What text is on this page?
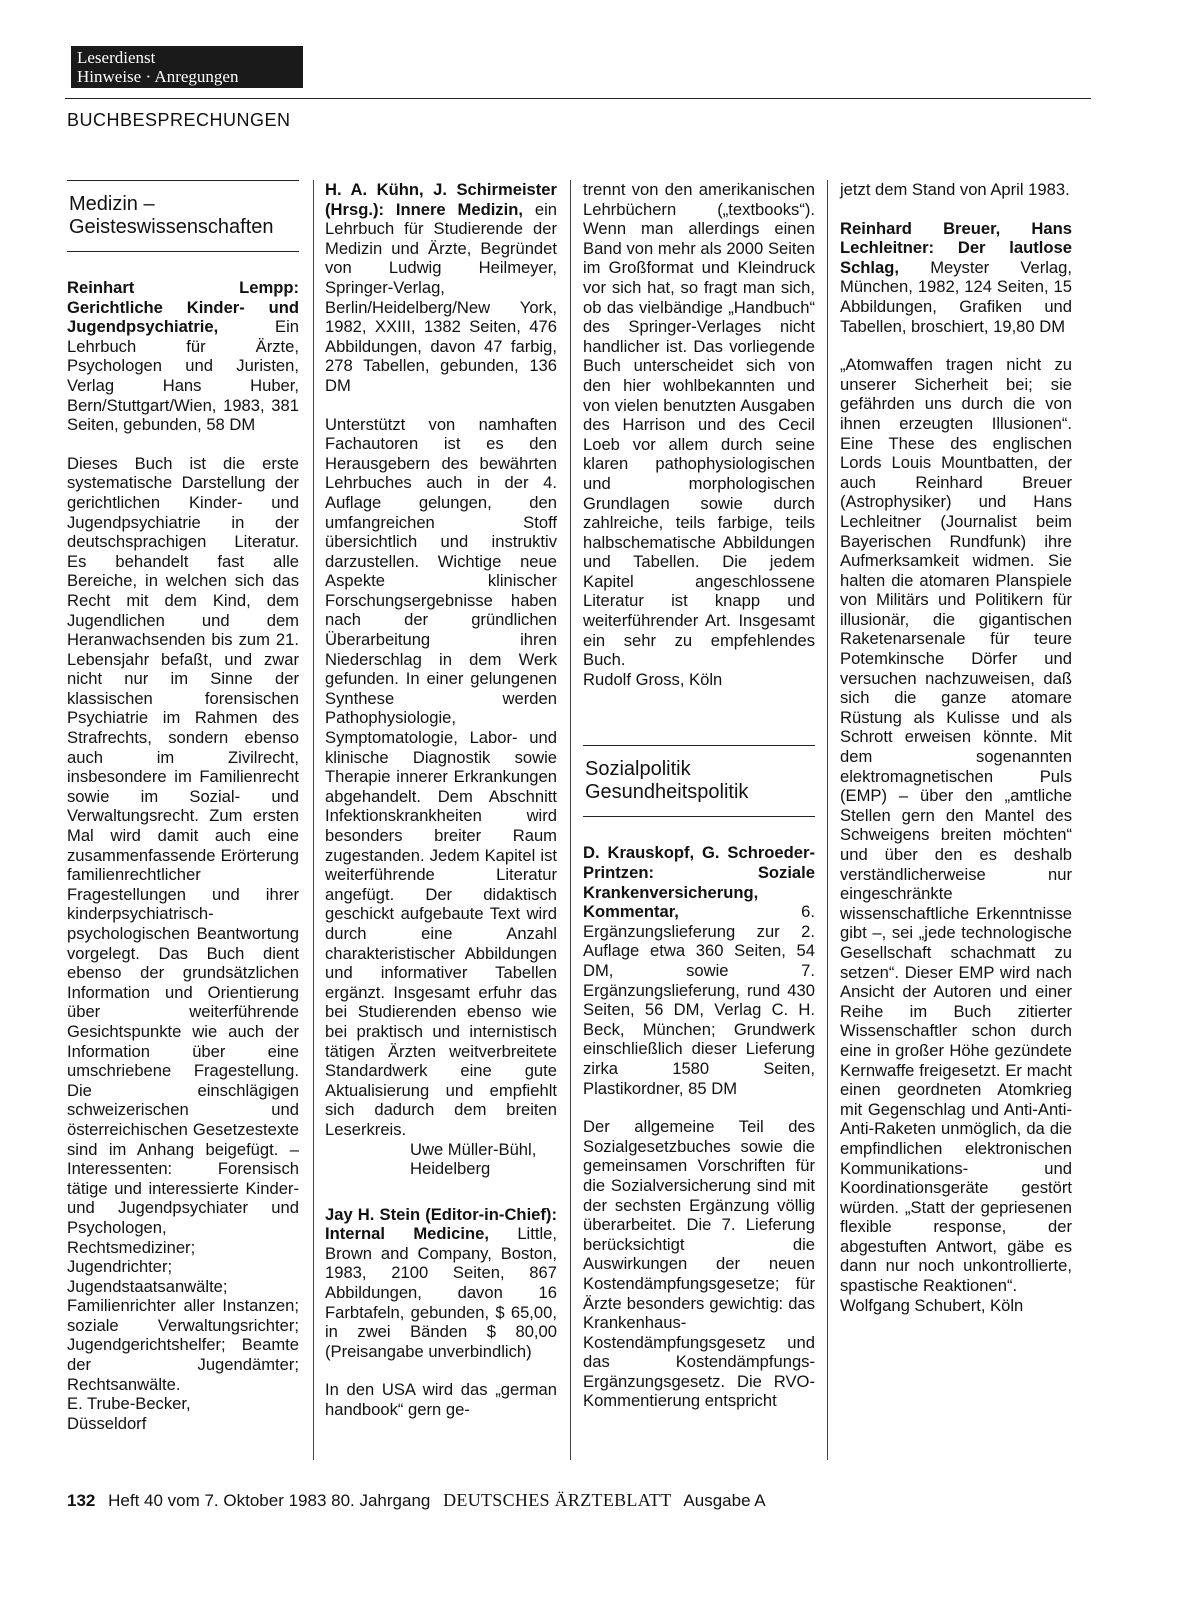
Leserdienst
Hinweise · Anregungen
BUCHBESPRECHUNGEN
Medizin –
Geisteswissenschaften

Reinhart Lempp: Gerichtliche Kinder- und Jugendpsychiatrie,	Ein Lehrbuch für Ärzte, Psychologen und Juristen, Verlag Hans Huber, Bern/Stuttgart/Wien, 1983, 381 Seiten, gebunden, 58 DM

Dieses Buch ist die erste systematische Darstellung der gerichtlichen Kinder- und Jugendpsychiatrie in der deutschsprachigen Literatur. Es behandelt fast alle Bereiche, in welchen sich das Recht mit dem Kind, dem Jugendlichen und dem Heranwachsenden bis zum 21. Lebensjahr befaßt, und zwar nicht nur im Sinne der klassischen forensischen Psychiatrie im Rahmen des Strafrechts, sondern ebenso auch im Zivilrecht, insbesondere im Familienrecht sowie im Sozial- und Verwaltungsrecht. Zum ersten Mal wird damit auch eine zusammenfassende Erörterung familienrechtlicher Fragestellungen und ihrer kinderpsychiatrisch-psychologischen Beantwortung vorgelegt. Das Buch dient ebenso der grundsätzlichen Information und Orientierung über weiterführende Gesichtspunkte wie auch der Information über eine umschriebene Fragestellung. Die einschlägigen schweizerischen und österreichischen Gesetzestexte sind im Anhang beigefügt. – Interessenten: Forensisch tätige und interessierte Kinder- und Jugendpsychiater und Psychologen, Rechtsmediziner; Jugendrichter; Jugendstaatsanwälte; Familienrichter aller Instanzen; soziale Verwaltungsrichter; Jugendgerichtshelfer; Beamte der Jugendämter; Rechtsanwälte.

E. Trube-Becker,

Düsseldorf

H. A. Kühn, J. Schirmeister (Hrsg.): Innere Medizin, ein Lehrbuch für Studierende der Medizin und Ärzte, Begründet von Ludwig Heilmeyer, Springer-Verlag, Berlin/Heidelberg/New York, 1982, XXIII, 1382 Seiten, 476 Abbildungen, davon 47 farbig, 278 Tabellen, gebunden, 136 DM

Unterstützt von namhaften Fachautoren ist es den Herausgebern des bewährten Lehrbuches auch in der 4. Auflage gelungen, den umfangreichen Stoff übersichtlich und instruktiv darzustellen. Wichtige neue Aspekte klinischer Forschungsergebnisse haben nach der gründlichen Überarbeitung ihren Niederschlag in dem Werk gefunden. In einer gelungenen Synthese werden Pathophysiologie, Symptomatologie, Labor- und klinische Diagnostik sowie Therapie innerer Erkrankungen abgehandelt. Dem Abschnitt Infektionskrankheiten wird besonders breiter Raum zugestanden. Jedem Kapitel ist weiterführende Literatur angefügt. Der didaktisch geschickt aufgebaute Text wird durch eine Anzahl charakteristischer Abbildungen und informativer Tabellen ergänzt. Insgesamt erfuhr das bei Studierenden ebenso wie bei praktisch und internistisch tätigen Ärzten weitverbreitete Standardwerk eine gute Aktualisierung und empfiehlt sich dadurch dem breiten Leserkreis.

Uwe Müller-Bühl,

Heidelberg

Jay H. Stein (Editor-in-Chief): Internal Medicine, Little, Brown and Company, Boston, 1983, 2100 Seiten, 867 Abbildungen, davon 16 Farbtafeln, gebunden, $ 65,00, in zwei Bänden $ 80,00 (Preisangabe unverbindlich)

In den USA wird das „german handbook“ gern ge-

trennt von den amerikanischen Lehrbüchern („textbooks“). Wenn man allerdings einen Band von mehr als 2000 Seiten im Großformat und Kleindruck vor sich hat, so fragt man sich, ob das vielbändige „Handbuch“ des Springer-Verlages nicht handlicher ist. Das vorliegende Buch unterscheidet sich von den hier wohlbekannten und von vielen benutzten Ausgaben des Harrison und des Cecil Loeb vor allem durch seine klaren pathophysiologischen und morphologischen Grundlagen sowie durch zahlreiche, teils farbige, teils halbschematische Abbildungen und Tabellen. Die jedem Kapitel angeschlossene Literatur ist knapp und weiterführender Art. Insgesamt ein sehr zu empfehlendes Buch.

Rudolf Gross, Köln

Sozialpolitik
Gesundheitspolitik

D. Krauskopf, G. Schroeder-Printzen: Soziale Krankenversicherung, Kommentar,	6. Ergänzungslieferung zur 2. Auflage etwa 360 Seiten, 54 DM, sowie 7. Ergänzungslieferung, rund 430 Seiten, 56 DM, Verlag C. H. Beck, München; Grundwerk einschließlich dieser Lieferung zirka 1580 Seiten, Plastikordner, 85 DM

Der allgemeine Teil des Sozialgesetzbuches sowie die gemeinsamen Vorschriften für die Sozialversicherung sind mit der sechsten Ergänzung völlig überarbeitet. Die 7. Lieferung berücksichtigt die Auswirkungen der neuen Kostendämpfungsgesetze; für Ärzte besonders gewichtig: das Krankenhaus-Kostendämpfungsgesetz und das Kostendämpfungs-Ergänzungsgesetz. Die RVO-Kommentierung entspricht

jetzt dem Stand von April 1983.

Reinhard Breuer, Hans Lechleitner: Der lautlose Schlag, Meyster Verlag, München, 1982, 124 Seiten, 15 Abbildungen, Grafiken und Tabellen, broschiert, 19,80 DM

„Atomwaffen tragen nicht zu unserer Sicherheit bei; sie gefährden uns durch die von ihnen erzeugten Illusionen“. Eine These des englischen Lords Louis Mountbatten, der auch Reinhard Breuer (Astrophysiker) und Hans Lechleitner (Journalist beim Bayerischen Rundfunk) ihre Aufmerksamkeit widmen. Sie halten die atomaren Planspiele von Militärs und Politikern für illusionär, die gigantischen Raketenarsenale für teure Potemkinsche Dörfer und versuchen nachzuweisen, daß sich die ganze atomare Rüstung als Kulisse und als Schrott erweisen könnte. Mit dem sogenannten elektromagnetischen Puls (EMP) – über den „amtliche Stellen gern den Mantel des Schweigens breiten möchten“ und über den es deshalb verständlicherweise nur eingeschränkte wissenschaftliche Erkenntnisse gibt –, sei „jede technologische Gesellschaft schachmatt zu setzen“. Dieser EMP wird nach Ansicht der Autoren und einer Reihe im Buch zitierter Wissenschaftler schon durch eine in großer Höhe gezündete Kernwaffe freigesetzt. Er macht einen geordneten Atomkrieg mit Gegenschlag und Anti-Anti-Anti-Raketen unmöglich, da die empfindlichen elektronischen Kommunikations- und Koordinationsgeräte gestört würden. „Statt der gepriesenen flexible response, der abgestuften Antwort, gäbe es dann nur noch unkontrollierte, spastische Reaktionen“.

Wolfgang Schubert, Köln

132 Heft 40 vom 7. Oktober 1983 80. Jahrgang DEUTSCHES ÄRZTEBLATT Ausgabe A
